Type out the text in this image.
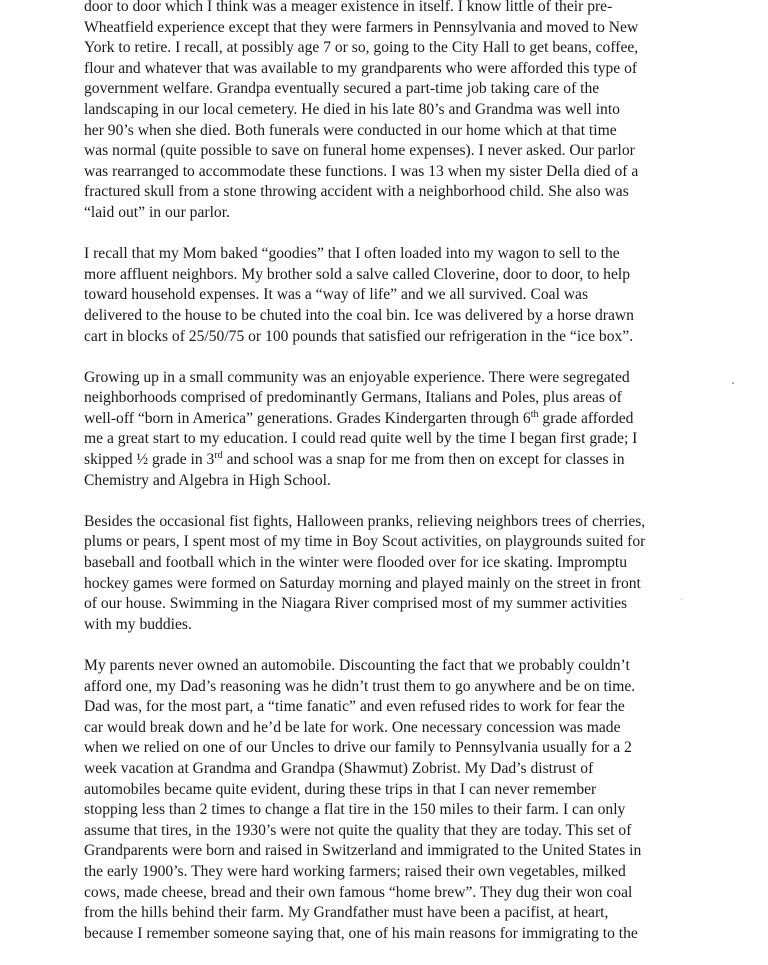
door to door which I think was a meager existence in itself. I know little of their pre-
Wheatfield experience except that they were farmers in Pennsylvania and moved to New
York to retire. I recall, at possibly age 7 or so, going to the City Hall to get beans, coffee,
flour and whatever that was available to my grandparents who were afforded this type of
government welfare. Grandpa eventually secured a part-time job taking care of the
landscaping in our local cemetery. He died in his late 80’s and Grandma was well into
her 90’s when she died. Both funerals were conducted in our home which at that time
was normal (quite possible to save on funeral home expenses). I never asked. Our parlor
was rearranged to accommodate these functions. I was 13 when my sister Della died of a
fractured skull from a stone throwing accident with a neighborhood child. She also was
“laid out” in our parlor.

I recall that my Mom baked “goodies” that I often loaded into my wagon to sell to the
more affluent neighbors. My brother sold a salve called Cloverine, door to door, to help
toward household expenses. It was a “way of life” and we all survived. Coal was
delivered to the house to be chuted into the coal bin. Ice was delivered by a horse drawn
cart in blocks of 25/50/75 or 100 pounds that satisfied our refrigeration in the “ice box”.

Growing up in a small community was an enjoyable experience. There were segregated
neighborhoods comprised of predominantly Germans, Italians and Poles, plus areas of
well-off “born in America” generations. Grades Kindergarten through 6th grade afforded
me a great start to my education. I could read quite well by the time I began first grade; I
skipped ½ grade in 3rd and school was a snap for me from then on except for classes in
Chemistry and Algebra in High School.

Besides the occasional fist fights, Halloween pranks, relieving neighbors trees of cherries,
plums or pears, I spent most of my time in Boy Scout activities, on playgrounds suited for
baseball and football which in the winter were flooded over for ice skating. Impromptu
hockey games were formed on Saturday morning and played mainly on the street in front
of our house. Swimming in the Niagara River comprised most of my summer activities
with my buddies.

My parents never owned an automobile. Discounting the fact that we probably couldn’t
afford one, my Dad’s reasoning was he didn’t trust them to go anywhere and be on time.
Dad was, for the most part, a “time fanatic” and even refused rides to work for fear the
car would break down and he’d be late for work. One necessary concession was made
when we relied on one of our Uncles to drive our family to Pennsylvania usually for a 2
week vacation at Grandma and Grandpa (Shawmut) Zobrist. My Dad’s distrust of
automobiles became quite evident, during these trips in that I can never remember
stopping less than 2 times to change a flat tire in the 150 miles to their farm. I can only
assume that tires, in the 1930’s were not quite the quality that they are today. This set of
Grandparents were born and raised in Switzerland and immigrated to the United States in
the early 1900’s. They were hard working farmers; raised their own vegetables, milked
cows, made cheese, bread and their own famous “home brew”. They dug their won coal
from the hills behind their farm. My Grandfather must have been a pacifist, at heart,
because I remember someone saying that, one of his main reasons for immigrating to the
